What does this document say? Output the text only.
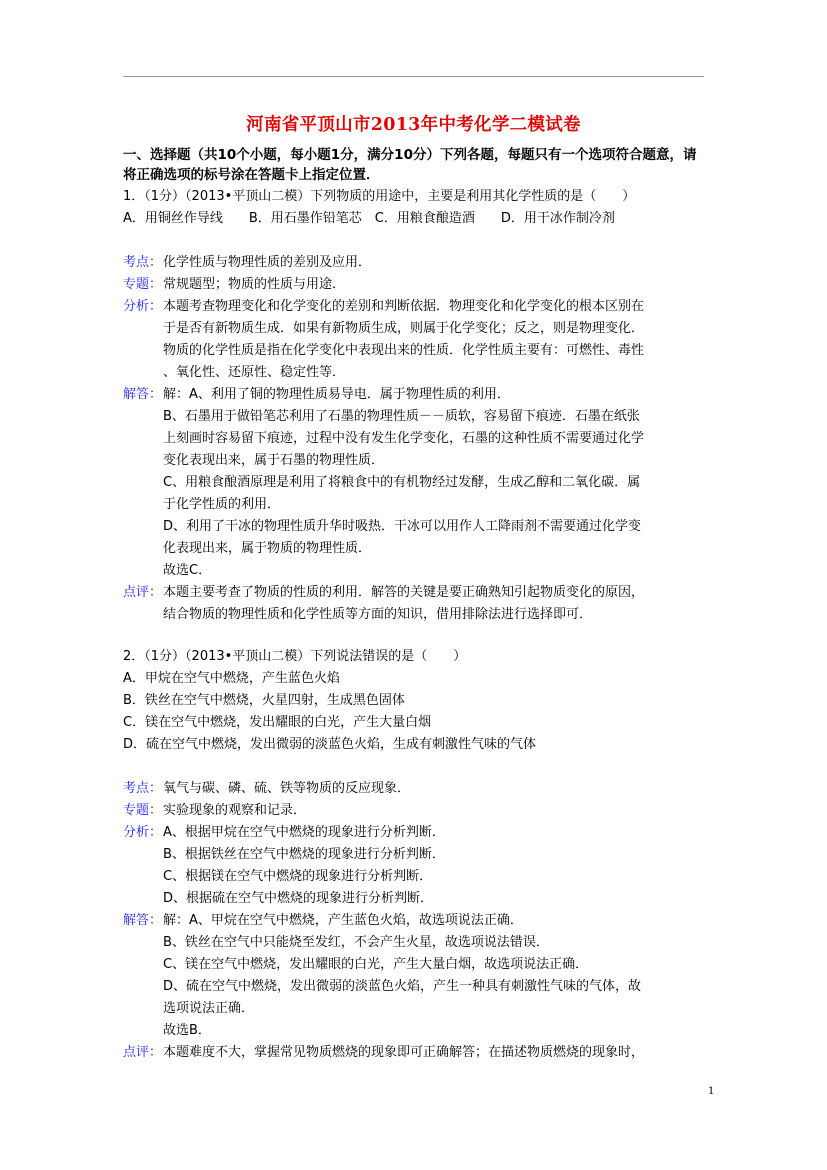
河南省平顶山市2013年中考化学二模试卷
一、选择题（共10个小题，每小题1分，满分10分）下列各题，每题只有一个选项符合题意，请将正确选项的标号涂在答题卡上指定位置．
1．（1分）（2013•平顶山二模）下列物质的用途中，主要是利用其化学性质的是（　　）
A．用铜丝作导线　　B．用石墨作铅笔芯　C．用粮食酿造酒　　D．用干冰作制冷剂
考点：化学性质与物理性质的差别及应用．
专题：常规题型；物质的性质与用途．
分析：本题考查物理变化和化学变化的差别和判断依据．物理变化和化学变化的根本区别在
于是否有新物质生成．如果有新物质生成，则属于化学变化；反之，则是物理变化．
物质的化学性质是指在化学变化中表现出来的性质．化学性质主要有：可燃性、毒性
、氧化性、还原性、稳定性等．
解答：解：A、利用了铜的物理性质易导电．属于物理性质的利用．
B、石墨用于做铅笔芯利用了石墨的物理性质－－质软，容易留下痕迹．石墨在纸张
上刻画时容易留下痕迹，过程中没有发生化学变化，石墨的这种性质不需要通过化学
变化表现出来，属于石墨的物理性质．
C、用粮食酿酒原理是利用了将粮食中的有机物经过发酵，生成乙醇和二氧化碳．属
于化学性质的利用．
D、利用了干冰的物理性质升华时吸热．干冰可以用作人工降雨剂不需要通过化学变
化表现出来，属于物质的物理性质．
故选C．
点评：本题主要考查了物质的性质的利用．解答的关键是要正确熟知引起物质变化的原因，
结合物质的物理性质和化学性质等方面的知识，借用排除法进行选择即可．
2．（1分）（2013•平顶山二模）下列说法错误的是（　　）
A．甲烷在空气中燃烧，产生蓝色火焰
B．铁丝在空气中燃烧，火星四射，生成黑色固体
C．镁在空气中燃烧，发出耀眼的白光，产生大量白烟
D．硫在空气中燃烧，发出微弱的淡蓝色火焰，生成有刺激性气味的气体
考点：氧气与碳、磷、硫、铁等物质的反应现象．
专题：实验现象的观察和记录．
分析：A、根据甲烷在空气中燃烧的现象进行分析判断．
B、根据铁丝在空气中燃烧的现象进行分析判断．
C、根据镁在空气中燃烧的现象进行分析判断．
D、根据硫在空气中燃烧的现象进行分析判断．
解答：解：A、甲烷在空气中燃烧，产生蓝色火焰，故选项说法正确．
B、铁丝在空气中只能烧至发红，不会产生火星，故选项说法错误．
C、镁在空气中燃烧，发出耀眼的白光，产生大量白烟，故选项说法正确．
D、硫在空气中燃烧，发出微弱的淡蓝色火焰，产生一种具有刺激性气味的气体，故
选项说法正确．
故选B．
点评：本题难度不大，掌握常见物质燃烧的现象即可正确解答；在描述物质燃烧的现象时，
1
